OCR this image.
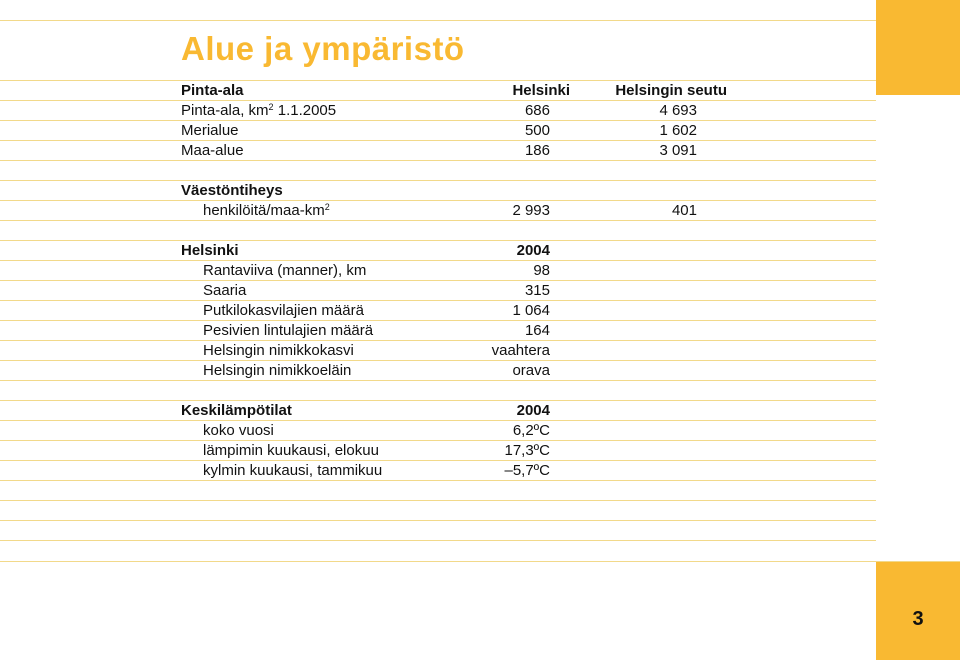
3
Alue ja ympäristö
Pinta-ala	Helsinki	Helsingin seutu
Pinta-ala, $km^2$ 1.1.2005	686	4 693
Merialue	500	1 602
Maa-alue	186	3 091
Väestöntiheys
henkilöitä/$maa-km^2$	2 993	401
Helsinki	2004
Rantaviiva (manner), km	98
Saaria	315
Putkilokasvilajien määrä	1 064
Pesivien lintulajien määrä	164
Helsingin nimikkokasvi	vaahtera
Helsingin nimikkoeläin	orava
Keskilämpötilat	2004
koko vuosi	6,2ºC
lämpimin kuukausi, elokuu	17,3ºC
kylmin kuukausi, tammikuu	–5,7ºC
